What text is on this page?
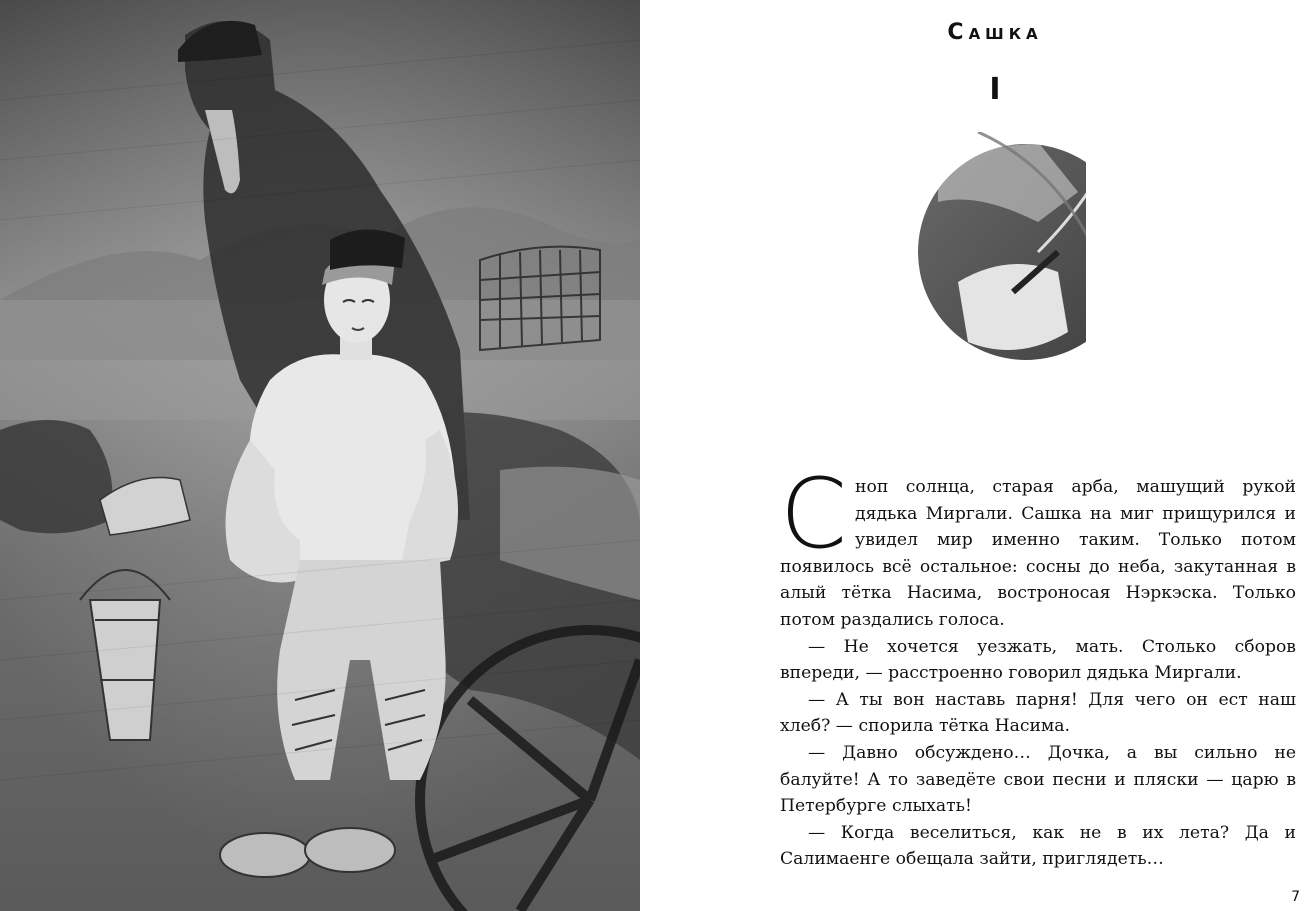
Сашка
I

Сноп солнца, старая арба, машущий рукой дядька Миргали. Сашка на миг прищурился и увидел мир именно таким. Только потом появилось всё остальное: сосны до неба, закутанная в алый тётка Насима, востроносая Нэркэска. Только потом раздались голоса.

— Не хочется уезжать, мать. Столько сборов впереди, — расстроенно говорил дядька Миргали.

— А ты вон наставь парня! Для чего он ест наш хлеб? — спорила тётка Насима.

— Давно обсуждено… Дочка, а вы сильно не балуйте! А то заведёте свои песни и пляски — царю в Петербурге слыхать!

— Когда веселиться, как не в их лета? Да и Салимаенге обещала зайти, приглядеть…

7
